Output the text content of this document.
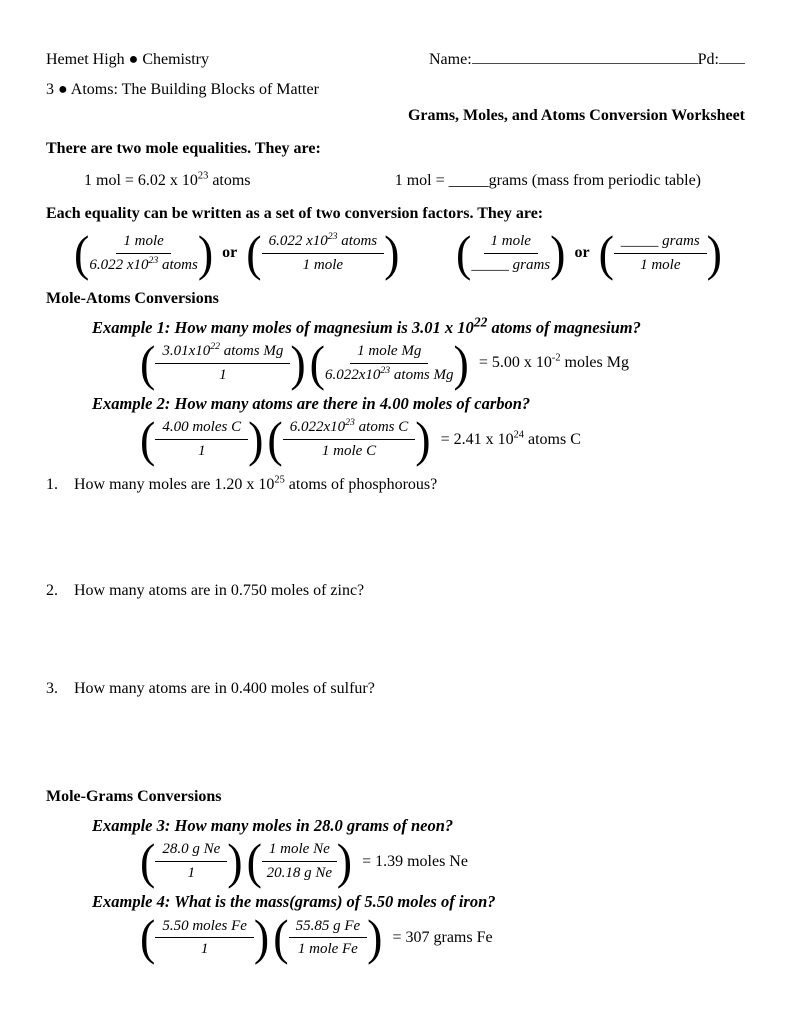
Hemet High ● Chemistry	Name:	Pd:
3 ● Atoms: The Building Blocks of Matter
Grams, Moles, and Atoms Conversion Worksheet
There are two mole equalities. They are:
1 mol = 6.02 x $10^{23}$ atoms	1 mol = _____grams (mass from periodic table)
Each equality can be written as a set of two conversion factors. They are:
( $\frac{\text{1 mole}}{6.022 x10^{23} atoms}$ ) or ( $\frac{6.022 x10^{23} atoms}{\text{1 mole}}$ ) ( $\frac{\text{1 mole}}{\text{\_\_\_\_\_ grams}}$ ) or ( $\frac{\text{\_\_\_\_\_ grams}}{\text{1 mole}}$ )
Mole-Atoms Conversions
Example 1: How many moles of magnesium is 3.01 x $10^{22}$ atoms of magnesium?
( $\frac{3.01x10^{22} atoms Mg}{1}$ ) ( $\frac{\text{1 mole Mg}}{6.022x10^{23} atoms Mg}$ ) = 5.00 x $10^{-2}$ moles Mg
Example 2: How many atoms are there in 4.00 moles of carbon?
( $\frac{\text{4.00 moles C}}{1}$ ) ( $\frac{6.022x10^{23} atoms C}{\text{1 mole C}}$ ) = 2.41 x $10^{24}$ atoms C
1.	How many moles are 1.20 x $10^{25}$ atoms of phosphorous?
2.	How many atoms are in 0.750 moles of zinc?
3.	How many atoms are in 0.400 moles of sulfur?
Mole-Grams Conversions
Example 3: How many moles in 28.0 grams of neon?
( $\frac{\text{28.0 g Ne}}{1}$ ) ( $\frac{\text{1 mole Ne}}{\text{20.18 g Ne}}$ ) = 1.39 moles Ne
Example 4: What is the mass(grams) of 5.50 moles of iron?
( $\frac{\text{5.50 moles Fe}}{1}$ ) ( $\frac{\text{55.85 g Fe}}{\text{1 mole Fe}}$ ) = 307 grams Fe
